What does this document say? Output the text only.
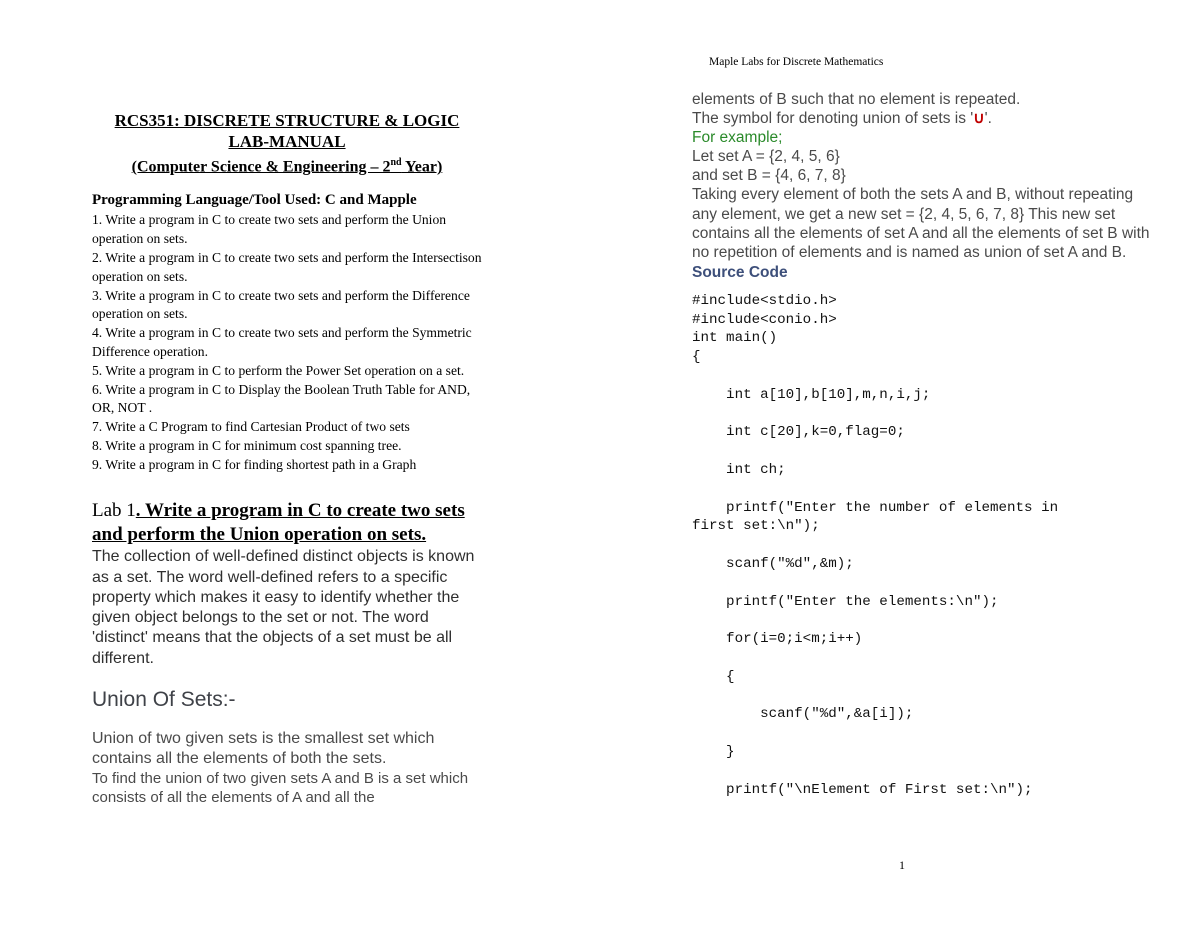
Maple Labs for Discrete Mathematics
RCS351: DISCRETE STRUCTURE & LOGIC
LAB-MANUAL
(Computer Science & Engineering – 2nd Year)
Programming Language/Tool Used: C and Mapple
1. Write a program in C to create two sets and perform the Union operation on sets.
2. Write a program in C to create two sets and perform the Intersectison operation on sets.
3. Write a program in C to create two sets and perform the Difference operation on sets.
4. Write a program in C to create two sets and perform the Symmetric Difference operation.
5. Write a program in C to perform the Power Set operation on a set.
6. Write a program in C to Display the Boolean Truth Table for AND, OR, NOT .
7. Write a C Program to find Cartesian Product of two sets
8. Write a program in C for minimum cost spanning tree.
9. Write a program in C for finding shortest path in a Graph
Lab 1. Write a program in C to create two sets and perform the Union operation on sets.
The collection of well-defined distinct objects is known as a set. The word well-defined refers to a specific property which makes it easy to identify whether the given object belongs to the set or not. The word 'distinct' means that the objects of a set must be all different.
Union Of Sets:-
Union of two given sets is the smallest set which contains all the elements of both the sets.
To find the union of two given sets A and B is a set which consists of all the elements of A and all the
elements of B such that no element is repeated.
The symbol for denoting union of sets is '∪'.
For example;
Let set A = {2, 4, 5, 6}
and set B = {4, 6, 7, 8}
Taking every element of both the sets A and B, without repeating any element, we get a new set = {2, 4, 5, 6, 7, 8} This new set contains all the elements of set A and all the elements of set B with no repetition of elements and is named as union of set A and B.
Source Code
#include<stdio.h>
#include<conio.h>
int main()
{

int a[10],b[10],m,n,i,j;

int c[20],k=0,flag=0;

int ch;

printf("Enter the number of elements in
first set:\n");

scanf("%d",&m);

printf("Enter the elements:\n");

for(i=0;i<m;i++)

{

scanf("%d",&a[i]);

}

printf("\nElement of First set:\n");
1
